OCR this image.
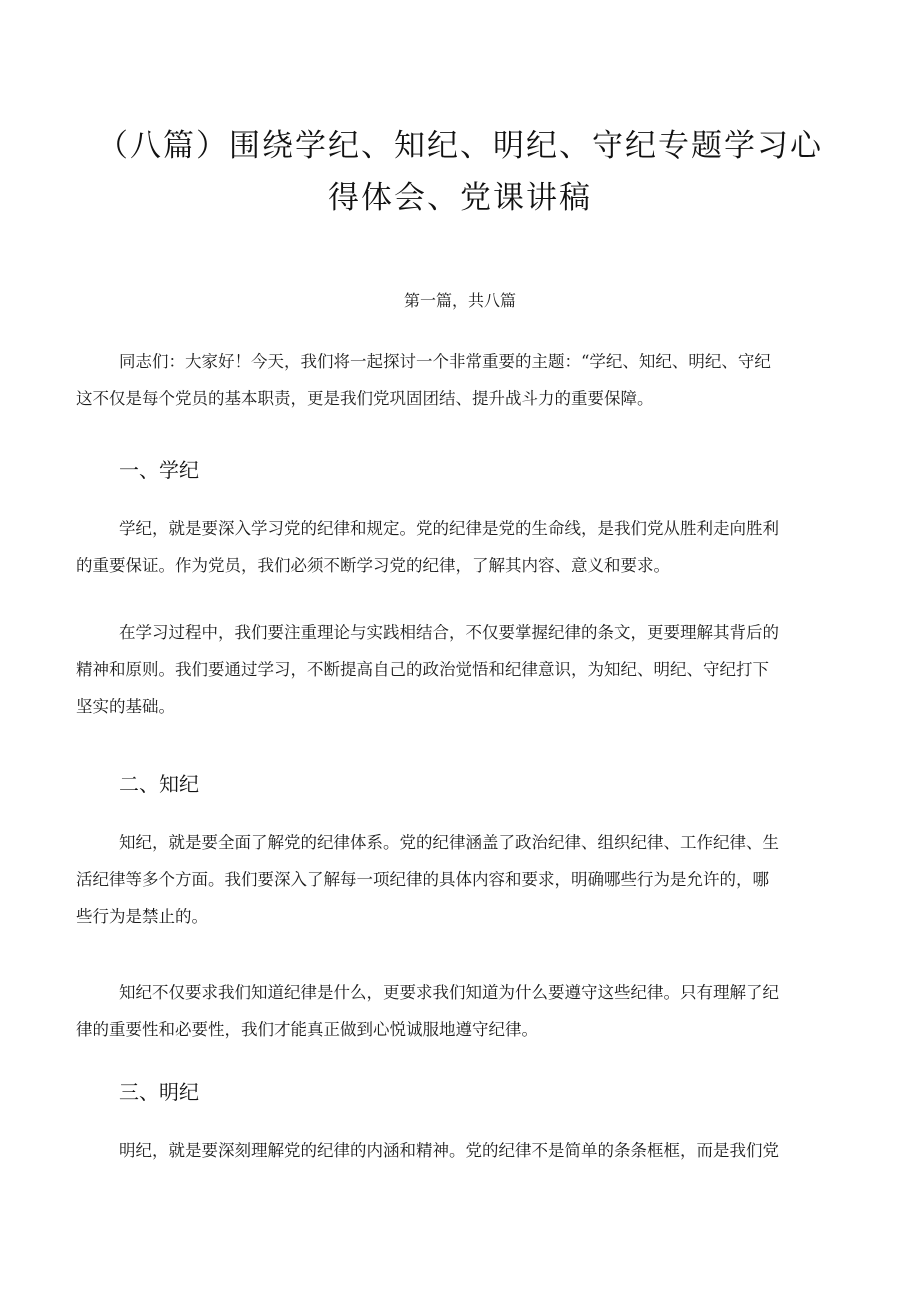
（八篇）围绕学纪、知纪、明纪、守纪专题学习心
得体会、党课讲稿
第一篇，共八篇
同志们：大家好！今天，我们将一起探讨一个非常重要的主题：“学纪、知纪、明纪、守纪
这不仅是每个党员的基本职责，更是我们党巩固团结、提升战斗力的重要保障。
一、学纪
学纪，就是要深入学习党的纪律和规定。党的纪律是党的生命线，是我们党从胜利走向胜利
的重要保证。作为党员，我们必须不断学习党的纪律，了解其内容、意义和要求。
在学习过程中，我们要注重理论与实践相结合，不仅要掌握纪律的条文，更要理解其背后的
精神和原则。我们要通过学习，不断提高自己的政治觉悟和纪律意识，为知纪、明纪、守纪打下
坚实的基础。
二、知纪
知纪，就是要全面了解党的纪律体系。党的纪律涵盖了政治纪律、组织纪律、工作纪律、生
活纪律等多个方面。我们要深入了解每一项纪律的具体内容和要求，明确哪些行为是允许的，哪
些行为是禁止的。
知纪不仅要求我们知道纪律是什么，更要求我们知道为什么要遵守这些纪律。只有理解了纪
律的重要性和必要性，我们才能真正做到心悦诚服地遵守纪律。
三、明纪
明纪，就是要深刻理解党的纪律的内涵和精神。党的纪律不是简单的条条框框，而是我们党
